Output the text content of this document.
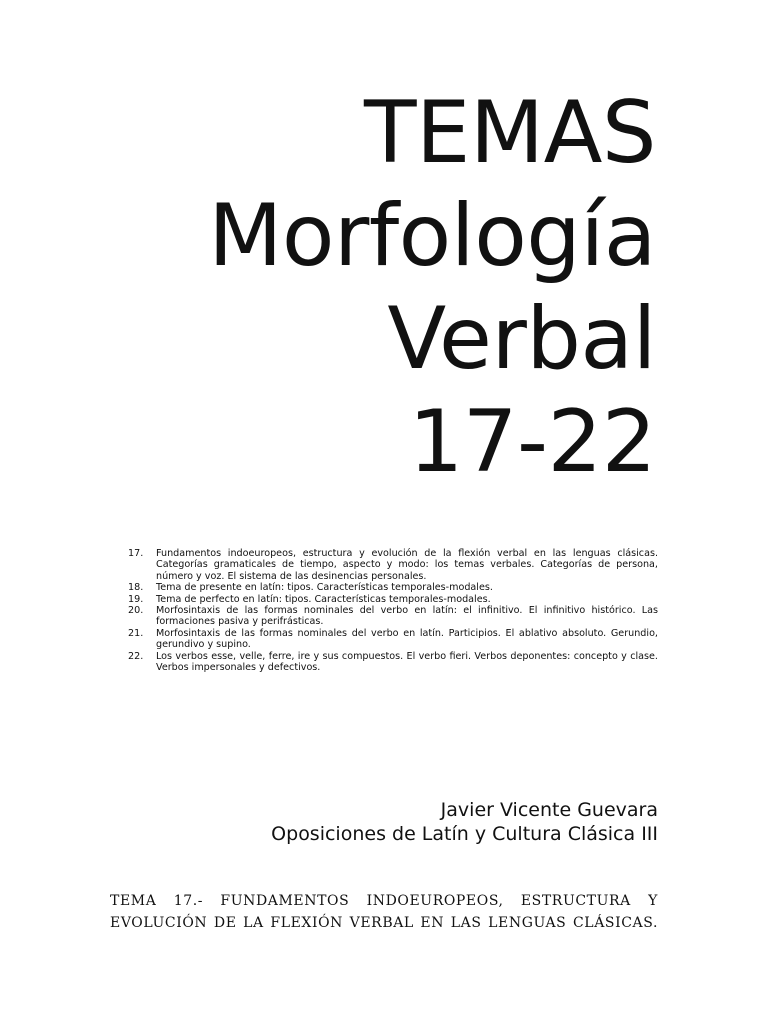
TEMAS
Morfología
Verbal
17-22
17.	Fundamentos indoeuropeos, estructura y evolución de la flexión verbal en las lenguas clásicas. Categorías gramaticales de tiempo, aspecto y modo: los temas verbales. Categorías de persona, número y voz. El sistema de las desinencias personales.
18.	Tema de presente en latín: tipos. Características temporales-modales.
19.	Tema de perfecto en latín: tipos. Características temporales-modales.
20.	Morfosintaxis de las formas nominales del verbo en latín: el infinitivo. El infinitivo histórico. Las formaciones pasiva y perifrásticas.
21.	Morfosintaxis de las formas nominales del verbo en latín. Participios. El ablativo absoluto. Gerundio, gerundivo y supino.
22.	Los verbos esse, velle, ferre, ire y sus compuestos. El verbo fieri. Verbos deponentes: concepto y clase. Verbos impersonales y defectivos.
Javier Vicente Guevara
Oposiciones de Latín y Cultura Clásica III
TEMA 17.- FUNDAMENTOS INDOEUROPEOS, ESTRUCTURA Y EVOLUCIÓN DE LA FLEXIÓN VERBAL EN LAS LENGUAS CLÁSICAS.
